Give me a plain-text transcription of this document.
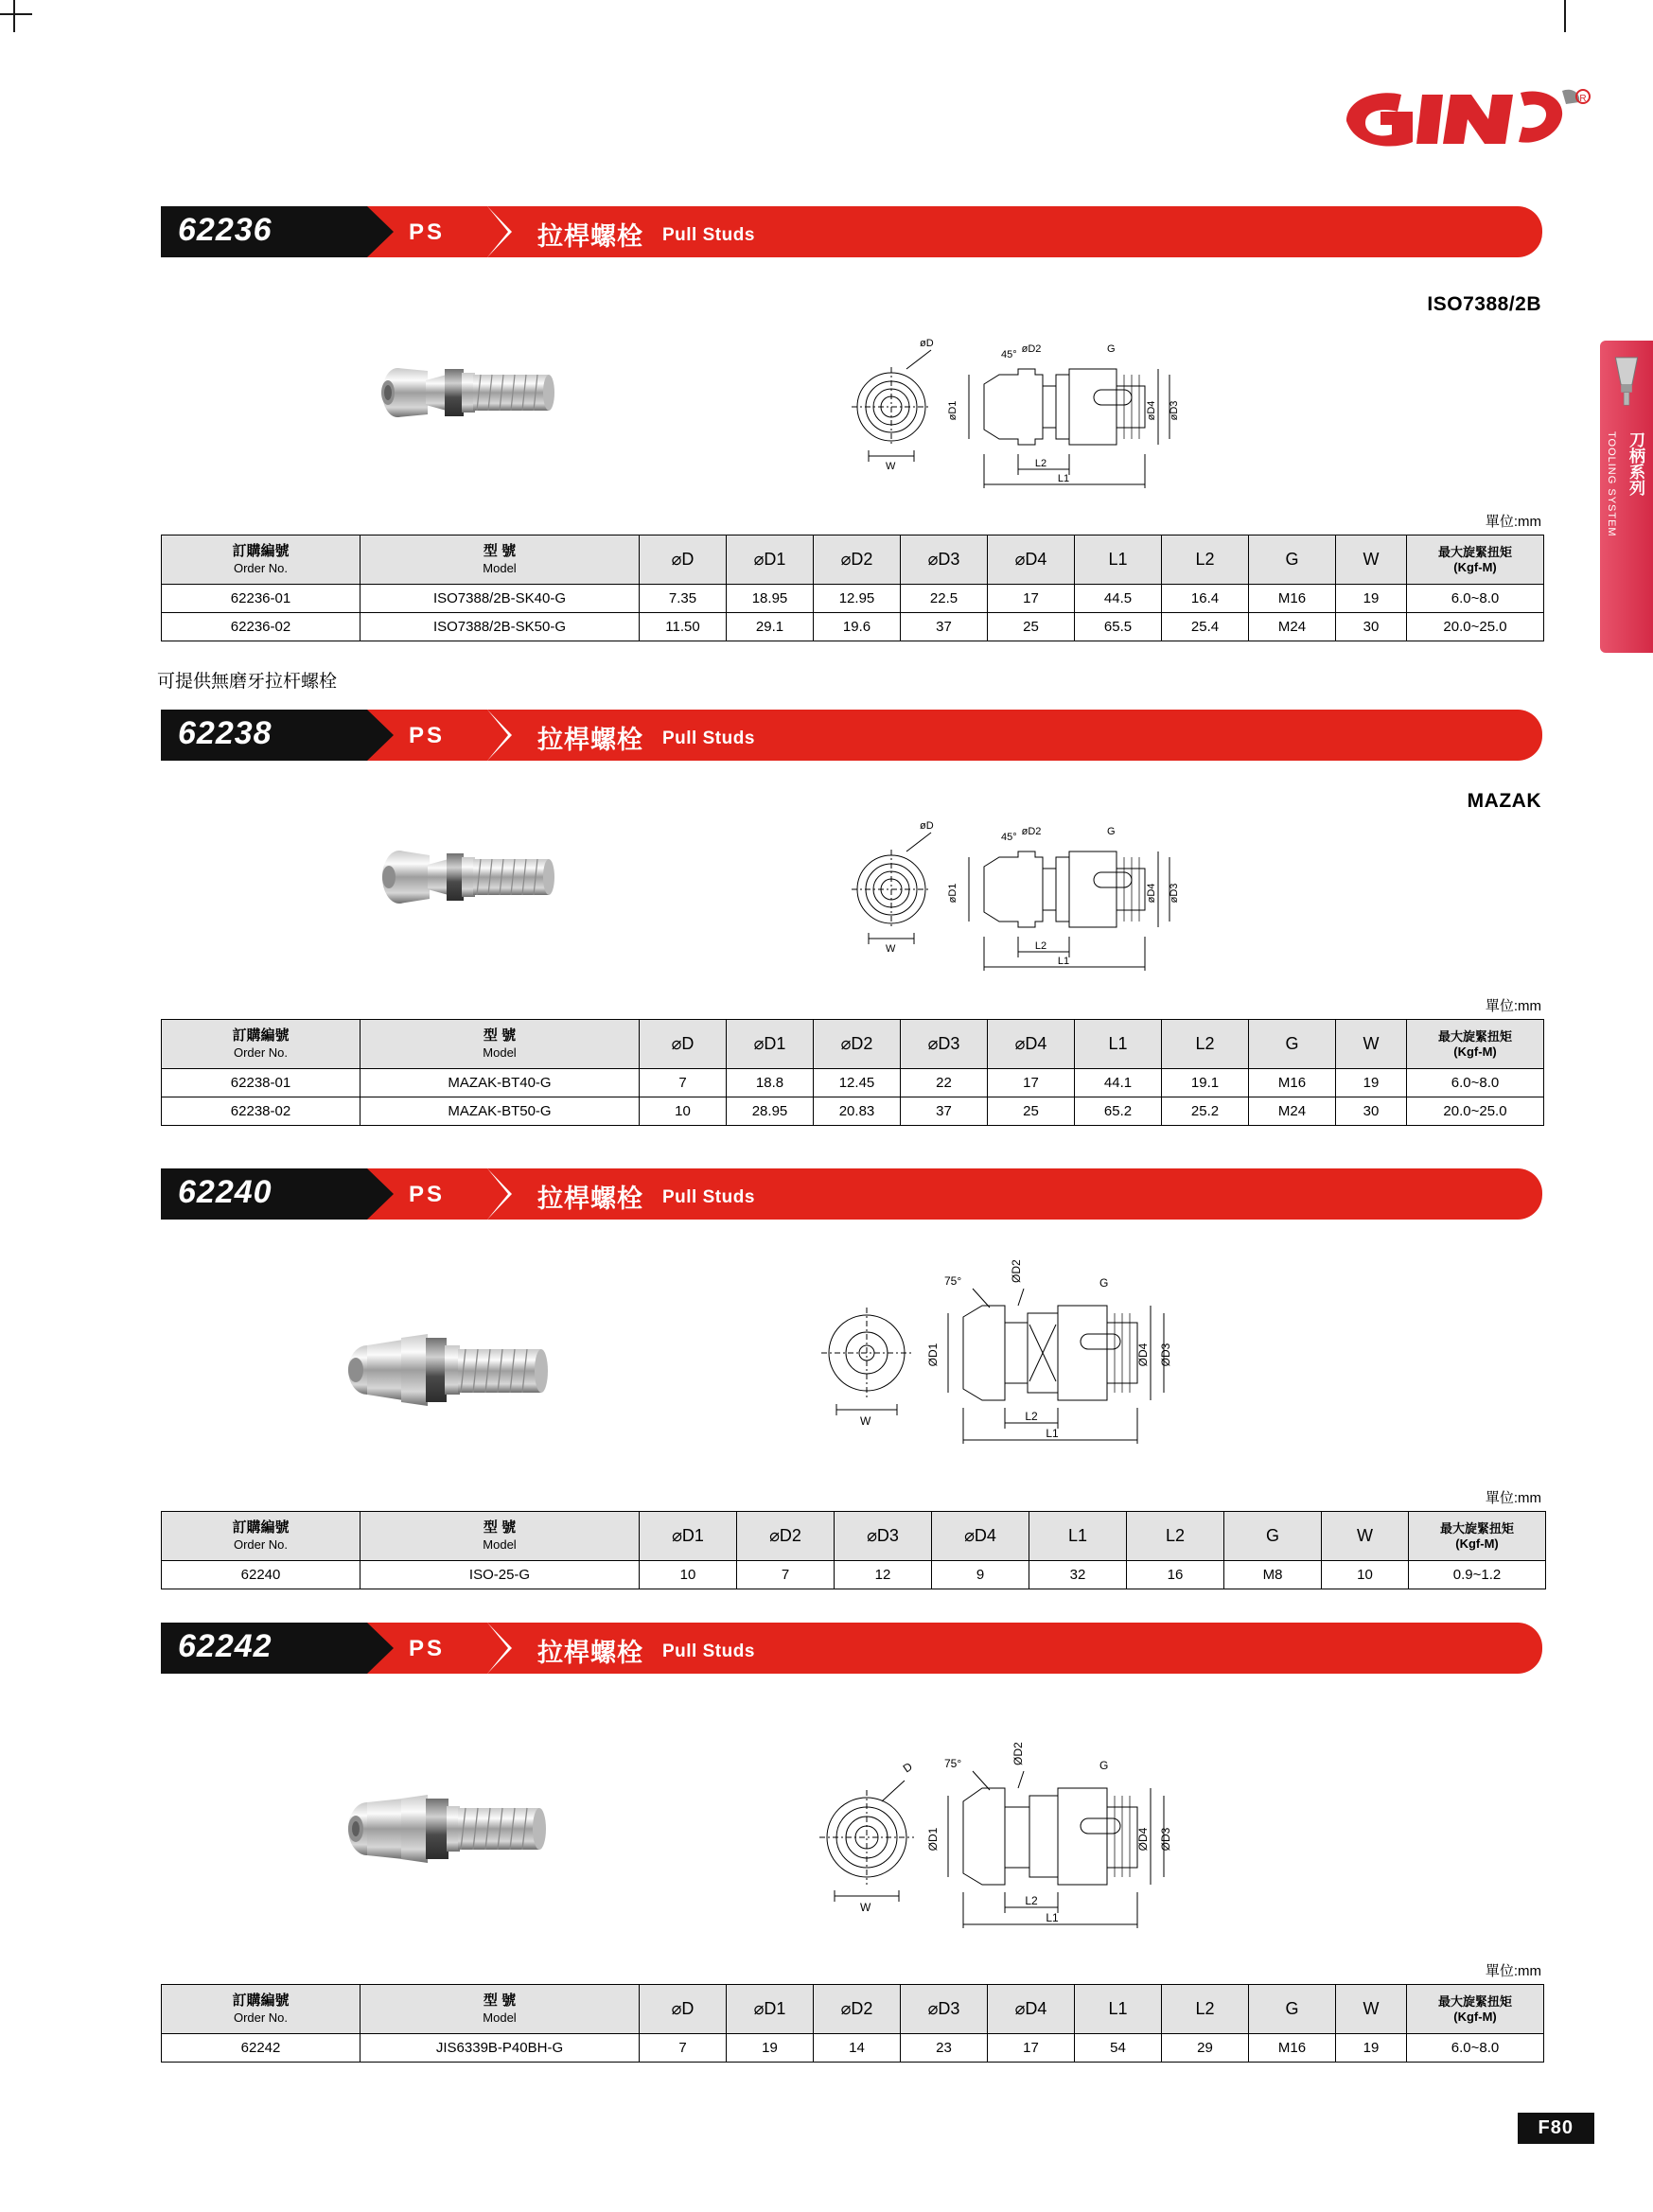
R
刀柄系列
TOOLING SYSTEM
62236	PS	拉桿螺栓 Pull Studs
ISO7388/2B
øD
W
øD1
øD2
45°	G
øD4 øD3
L2
L1
單位:mm
訂購編號
Order No.	型 號
Model	⌀D	⌀D1	⌀D2	⌀D3	⌀D4	L1	L2	G	W	最大旋緊扭矩
(Kgf-M)

62236-01	ISO7388/2B-SK40-G	7.35	18.95	12.95	22.5	17	44.5	16.4	M16	19	6.0~8.0
62236-02	ISO7388/2B-SK50-G	11.50	29.1	19.6	37	25	65.5	25.4	M24	30	20.0~25.0
可提供無磨牙拉杆螺栓
62238	PS	拉桿螺栓 Pull Studs
MAZAK
øD
W
øD1
øD2
45°	G
øD4 øD3
L2
L1
單位:mm
訂購編號
Order No.	型 號
Model	⌀D	⌀D1	⌀D2	⌀D3	⌀D4	L1	L2	G	W	最大旋緊扭矩
(Kgf-M)

62238-01	MAZAK-BT40-G	7	18.8	12.45	22	17	44.1	19.1	M16	19	6.0~8.0
62238-02	MAZAK-BT50-G	10	28.95	20.83	37	25	65.2	25.2	M24	30	20.0~25.0
62240	PS	拉桿螺栓 Pull Studs
75°	ØD2
ØD1
G
ØD4 ØD3
L2
L1
W
單位:mm
訂購編號
Order No.	型 號
Model	⌀D1	⌀D2	⌀D3	⌀D4	L1	L2	G	W	最大旋緊扭矩
(Kgf-M)

62240	ISO-25-G	10	7	12	9	32	16	M8	10	0.9~1.2
62242	PS	拉桿螺栓 Pull Studs
D	75°	ØD2
ØD1
G
ØD4 ØD3
L2
L1
W
單位:mm
訂購編號
Order No.	型 號
Model	⌀D	⌀D1	⌀D2	⌀D3	⌀D4	L1	L2	G	W	最大旋緊扭矩
(Kgf-M)

62242	JIS6339B-P40BH-G	7	19	14	23	17	54	29	M16	19	6.0~8.0
F80
